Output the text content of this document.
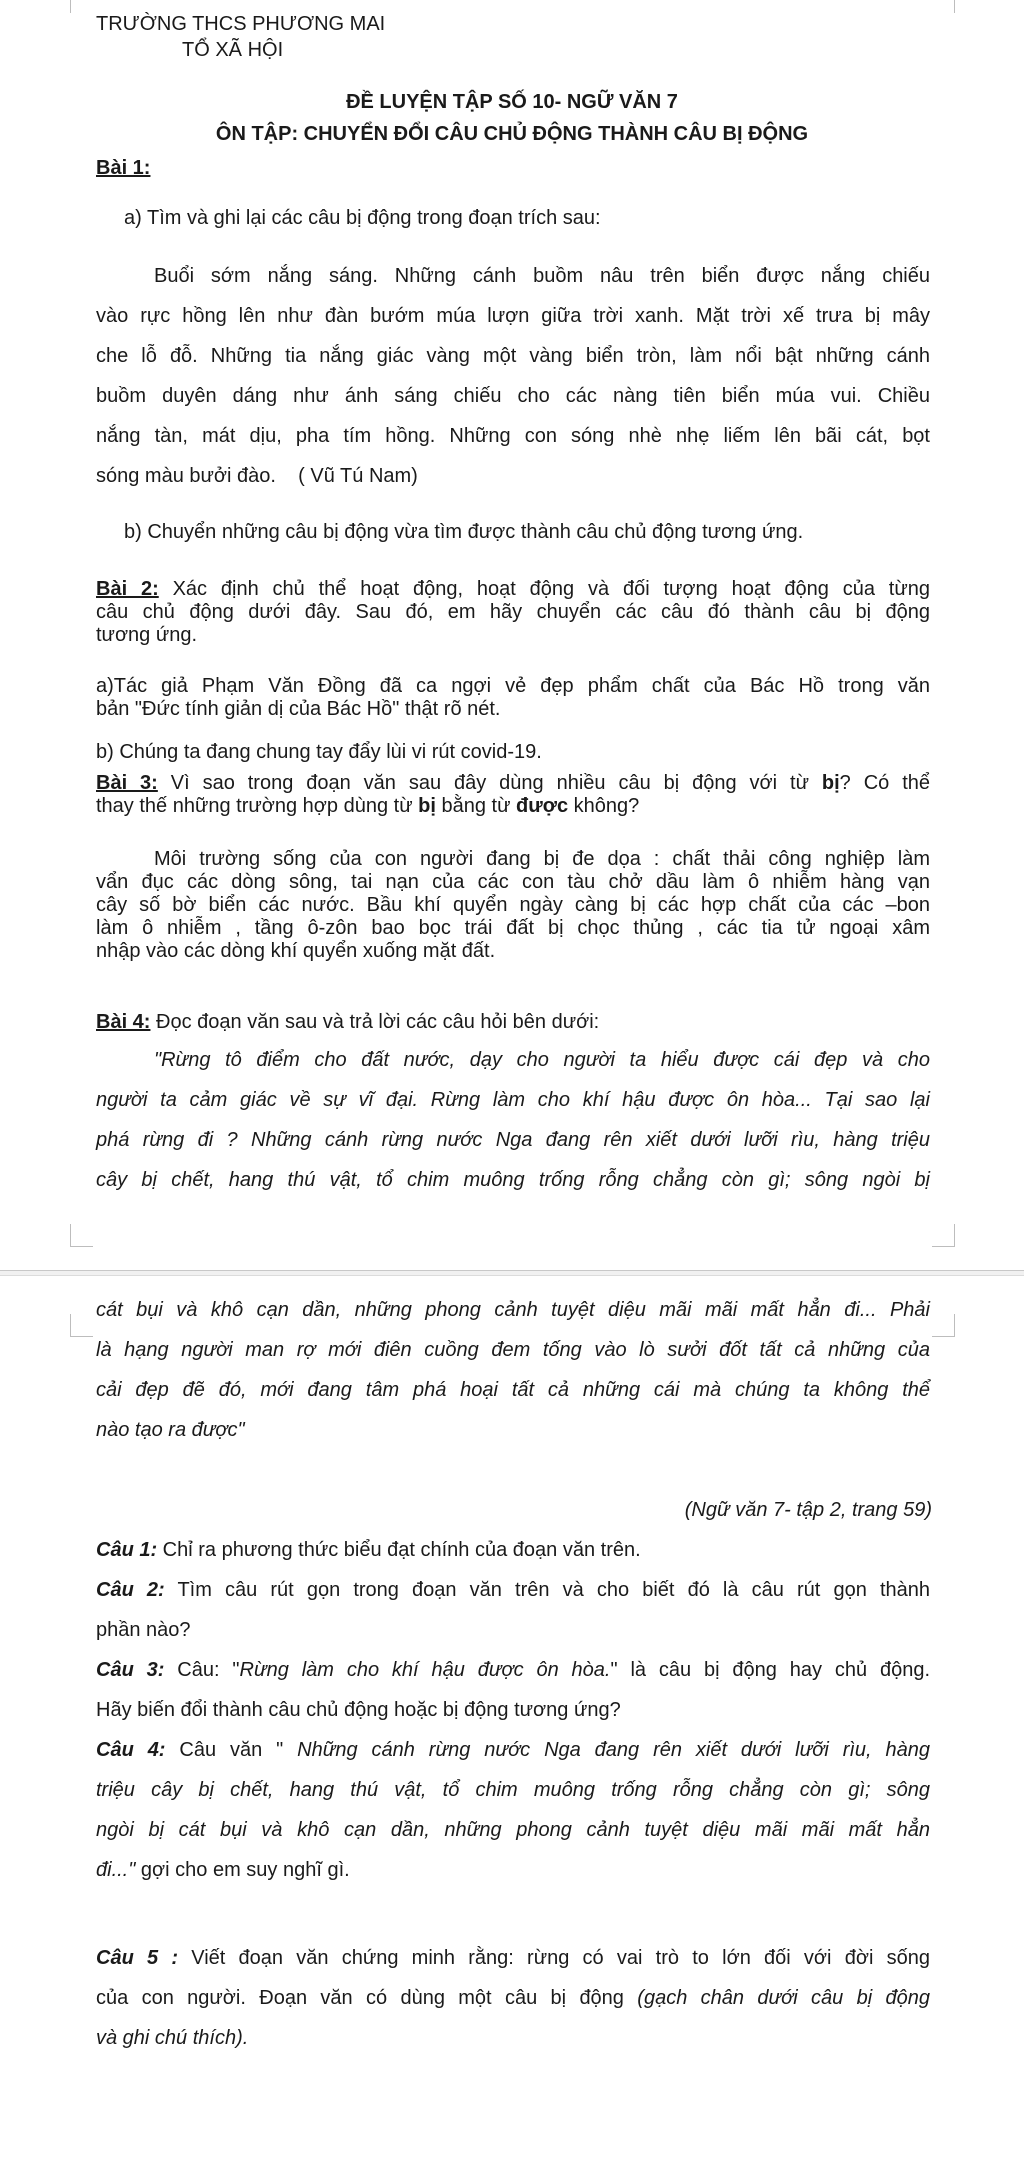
TRƯỜNG THCS PHƯƠNG MAI
TỔ XÃ HỘI
ĐỀ LUYỆN TẬP SỐ 10- NGỮ VĂN 7
ÔN TẬP: CHUYỂN ĐỔI CÂU CHỦ ĐỘNG THÀNH CÂU BỊ ĐỘNG
Bài 1:
a) Tìm và ghi lại các câu bị động trong đoạn trích sau:
Buổi sớm nắng sáng. Những cánh buồm nâu trên biển được nắng chiếu
vào rực hồng lên như đàn bướm múa lượn giữa trời xanh. Mặt trời xế trưa bị mây
che lỗ đỗ. Những tia nắng giác vàng một vàng biển tròn, làm nổi bật những cánh
buồm duyên dáng như ánh sáng chiếu cho các nàng tiên biển múa vui. Chiều
nắng tàn, mát dịu, pha tím hồng. Những con sóng nhè nhẹ liếm lên bãi cát, bọt
sóng màu bưởi đào.    ( Vũ Tú Nam)
b) Chuyển những câu bị động vừa tìm được thành câu chủ động tương ứng.
Bài 2: Xác định chủ thể hoạt động, hoạt động và đối tượng hoạt động của từng
câu chủ động dưới đây. Sau đó, em hãy chuyển các câu đó thành câu bị động
tương ứng.
a)Tác giả Phạm Văn Đồng đã ca ngợi vẻ đẹp phẩm chất của Bác Hồ trong văn
bản "Đức tính giản dị của Bác Hồ" thật rõ nét.
b) Chúng ta đang chung tay đẩy lùi vi rút covid-19.
Bài 3: Vì sao trong đoạn văn sau đây dùng nhiều câu bị động với từ bị? Có thể
thay thế những trường hợp dùng từ bị bằng từ được không?
Môi trường sống của con người đang bị đe dọa : chất thải công nghiệp làm
vẩn đục các dòng sông, tai nạn của các con tàu chở dầu làm ô nhiễm hàng vạn
cây số bờ biển các nước. Bầu khí quyển ngày càng bị các hợp chất của các –bon
làm ô nhiễm , tầng ô-zôn bao bọc trái đất bị chọc thủng , các tia tử ngoại xâm
nhập vào các dòng khí quyển xuống mặt đất.
Bài 4: Đọc đoạn văn sau và trả lời các câu hỏi bên dưới:
"Rừng tô điểm cho đất nước, dạy cho người ta hiểu được cái đẹp và cho
người ta cảm giác về sự vĩ đại. Rừng làm cho khí hậu được ôn hòa... Tại sao lại
phá rừng đi ? Những cánh rừng nước Nga đang rên xiết dưới lưỡi rìu, hàng triệu
cây bị chết, hang thú vật, tổ chim muông trống rỗng chẳng còn gì; sông ngòi bị
cát bụi và khô cạn dần, những phong cảnh tuyệt diệu mãi mãi mất hẳn đi... Phải
là hạng người man rợ mới điên cuồng đem tống vào lò sưởi đốt tất cả những của
cải đẹp đẽ đó, mới đang tâm phá hoại tất cả những cái mà chúng ta không thể
nào tạo ra được"
(Ngữ văn 7- tập 2, trang 59)
Câu 1: Chỉ ra phương thức biểu đạt chính của đoạn văn trên.
Câu 2: Tìm câu rút gọn trong đoạn văn trên và cho biết đó là câu rút gọn thành
phần nào?
Câu 3: Câu: "Rừng làm cho khí hậu được ôn hòa." là câu bị động hay chủ động.
Hãy biến đổi thành câu chủ động hoặc bị động tương ứng?
Câu 4: Câu văn " Những cánh rừng nước Nga đang rên xiết dưới lưỡi rìu, hàng
triệu cây bị chết, hang thú vật, tổ chim muông trống rỗng chẳng còn gì; sông
ngòi bị cát bụi và khô cạn dần, những phong cảnh tuyệt diệu mãi mãi mất hẳn
đi..." gợi cho em suy nghĩ gì.
Câu 5 : Viết đoạn văn chứng minh rằng: rừng có vai trò to lớn đối với đời sống
của con người. Đoạn văn có dùng một câu bị động (gạch chân dưới câu bị động
và ghi chú thích).
